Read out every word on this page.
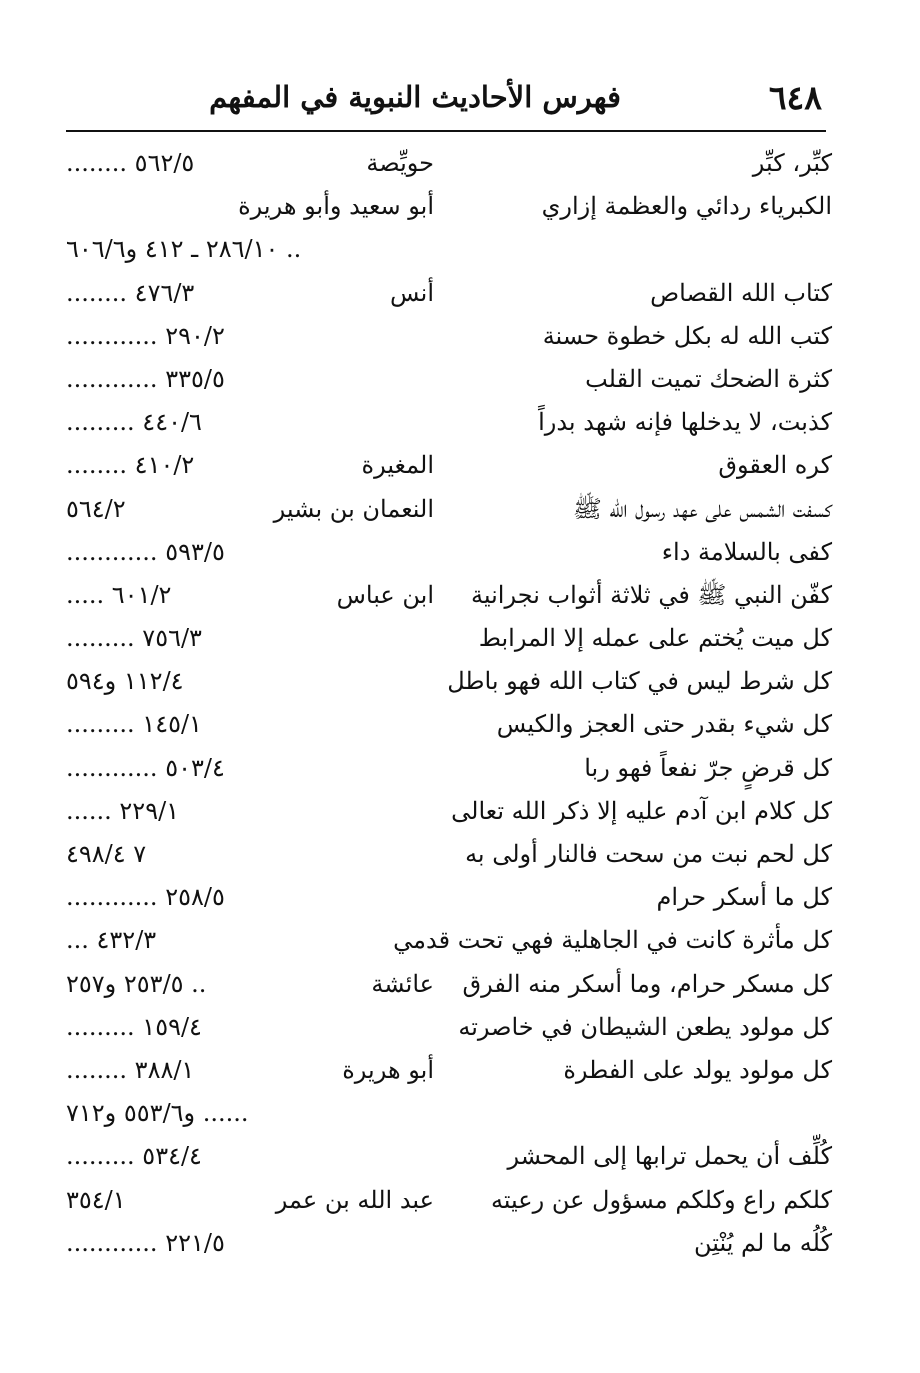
٦٤٨
فهرس الأحاديث النبوية في المفهم
كبِّر، كبِّر
حويِّصة
........ ٥٦٢/٥
الكبرياء ردائي والعظمة إزاري
أبو سعيد وأبو هريرة
.. ٢٨٦/١٠ ـ ٤١٢ و٦٠٦/٦
كتاب الله القصاص
أنس
........ ٤٧٦/٣
كتب الله له بكل خطوة حسنة
............ ٢٩٠/٢
كثرة الضحك تميت القلب
............ ٣٣٥/٥
كذبت، لا يدخلها فإنه شهد بدراً
......... ٤٤٠/٦
كره العقوق
المغيرة
........ ٤١٠/٢
كسفت الشمس على عهد رسول الله ﷺ
النعمان بن بشير
٥٦٤/٢
كفى بالسلامة داء
............ ٥٩٣/٥
كفّن النبي ﷺ في ثلاثة أثواب نجرانية
ابن عباس
..... ٦٠١/٢
كل ميت يُختم على عمله إلا المرابط
......... ٧٥٦/٣
كل شرط ليس في كتاب الله فهو باطل
١١٢/٤ و٥٩٤
كل شيء بقدر حتى العجز والكيس
......... ١٤٥/١
كل قرضٍ جرّ نفعاً فهو ربا
............ ٥٠٣/٤
كل كلام ابن آدم عليه إلا ذكر الله تعالى
...... ٢٢٩/١
كل لحم نبت من سحت فالنار أولى به
٧ ٤٩٨/٤
كل ما أسكر حرام
............ ٢٥٨/٥
كل مأثرة كانت في الجاهلية فهي تحت قدمي
... ٤٣٢/٣
كل مسكر حرام، وما أسكر منه الفرق
عائشة
.. ٢٥٣/٥ و٢٥٧
كل مولود يطعن الشيطان في خاصرته
......... ١٥٩/٤
كل مولود يولد على الفطرة
أبو هريرة
........ ٣٨٨/١
...... و٥٥٣/٦ و٧١٢
كُلِّف أن يحمل ترابها إلى المحشر
......... ٥٣٤/٤
كلكم راع وكلكم مسؤول عن رعيته
عبد الله بن عمر
٣٥٤/١
كُلُه ما لم يُنْتِن
............ ٢٢١/٥
